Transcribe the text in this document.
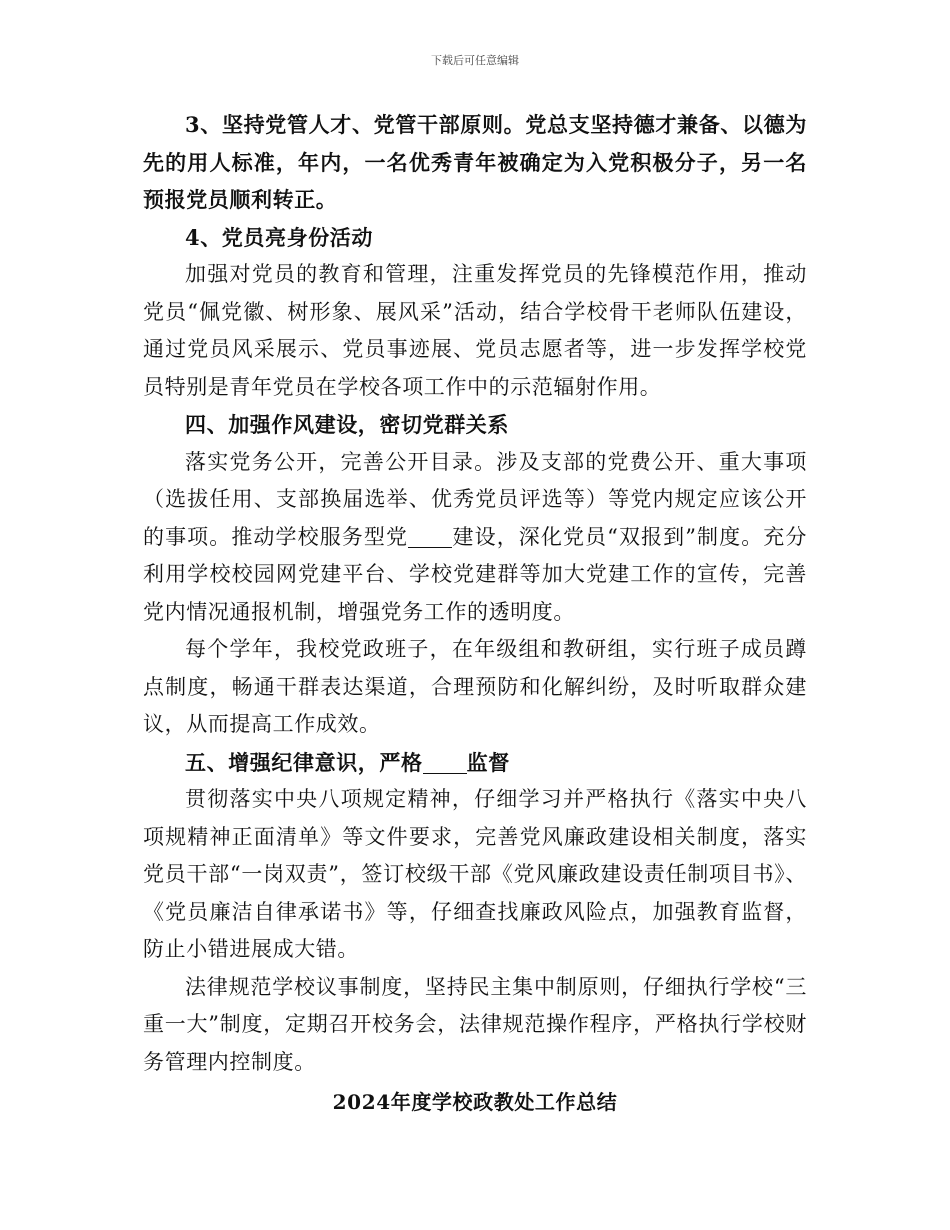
下载后可任意编辑

3、坚持党管人才、党管干部原则。党总支坚持德才兼备、以德为先的用人标准，年内，一名优秀青年被确定为入党积极分子，另一名预报党员顺利转正。

4、党员亮身份活动

加强对党员的教育和管理，注重发挥党员的先锋模范作用，推动党员“佩党徽、树形象、展风采”活动，结合学校骨干老师队伍建设，通过党员风采展示、党员事迹展、党员志愿者等，进一步发挥学校党员特别是青年党员在学校各项工作中的示范辐射作用。

四、加强作风建设，密切党群关系

落实党务公开，完善公开目录。涉及支部的党费公开、重大事项（选拔任用、支部换届选举、优秀党员评选等）等党内规定应该公开的事项。推动学校服务型党 建设，深化党员“双报到”制度。充分利用学校校园网党建平台、学校党建群等加大党建工作的宣传，完善党内情况通报机制，增强党务工作的透明度。

每个学年，我校党政班子，在年级组和教研组，实行班子成员蹲点制度，畅通干群表达渠道，合理预防和化解纠纷，及时听取群众建议，从而提高工作成效。

五、增强纪律意识，严格 监督

贯彻落实中央八项规定精神，仔细学习并严格执行《落实中央八项规精神正面清单》等文件要求，完善党风廉政建设相关制度，落实党员干部“一岗双责”，签订校级干部《党风廉政建设责任制项目书》、《党员廉洁自律承诺书》等，仔细查找廉政风险点，加强教育监督，防止小错进展成大错。

法律规范学校议事制度，坚持民主集中制原则，仔细执行学校“三重一大”制度，定期召开校务会，法律规范操作程序，严格执行学校财务管理内控制度。

2024年度学校政教处工作总结
